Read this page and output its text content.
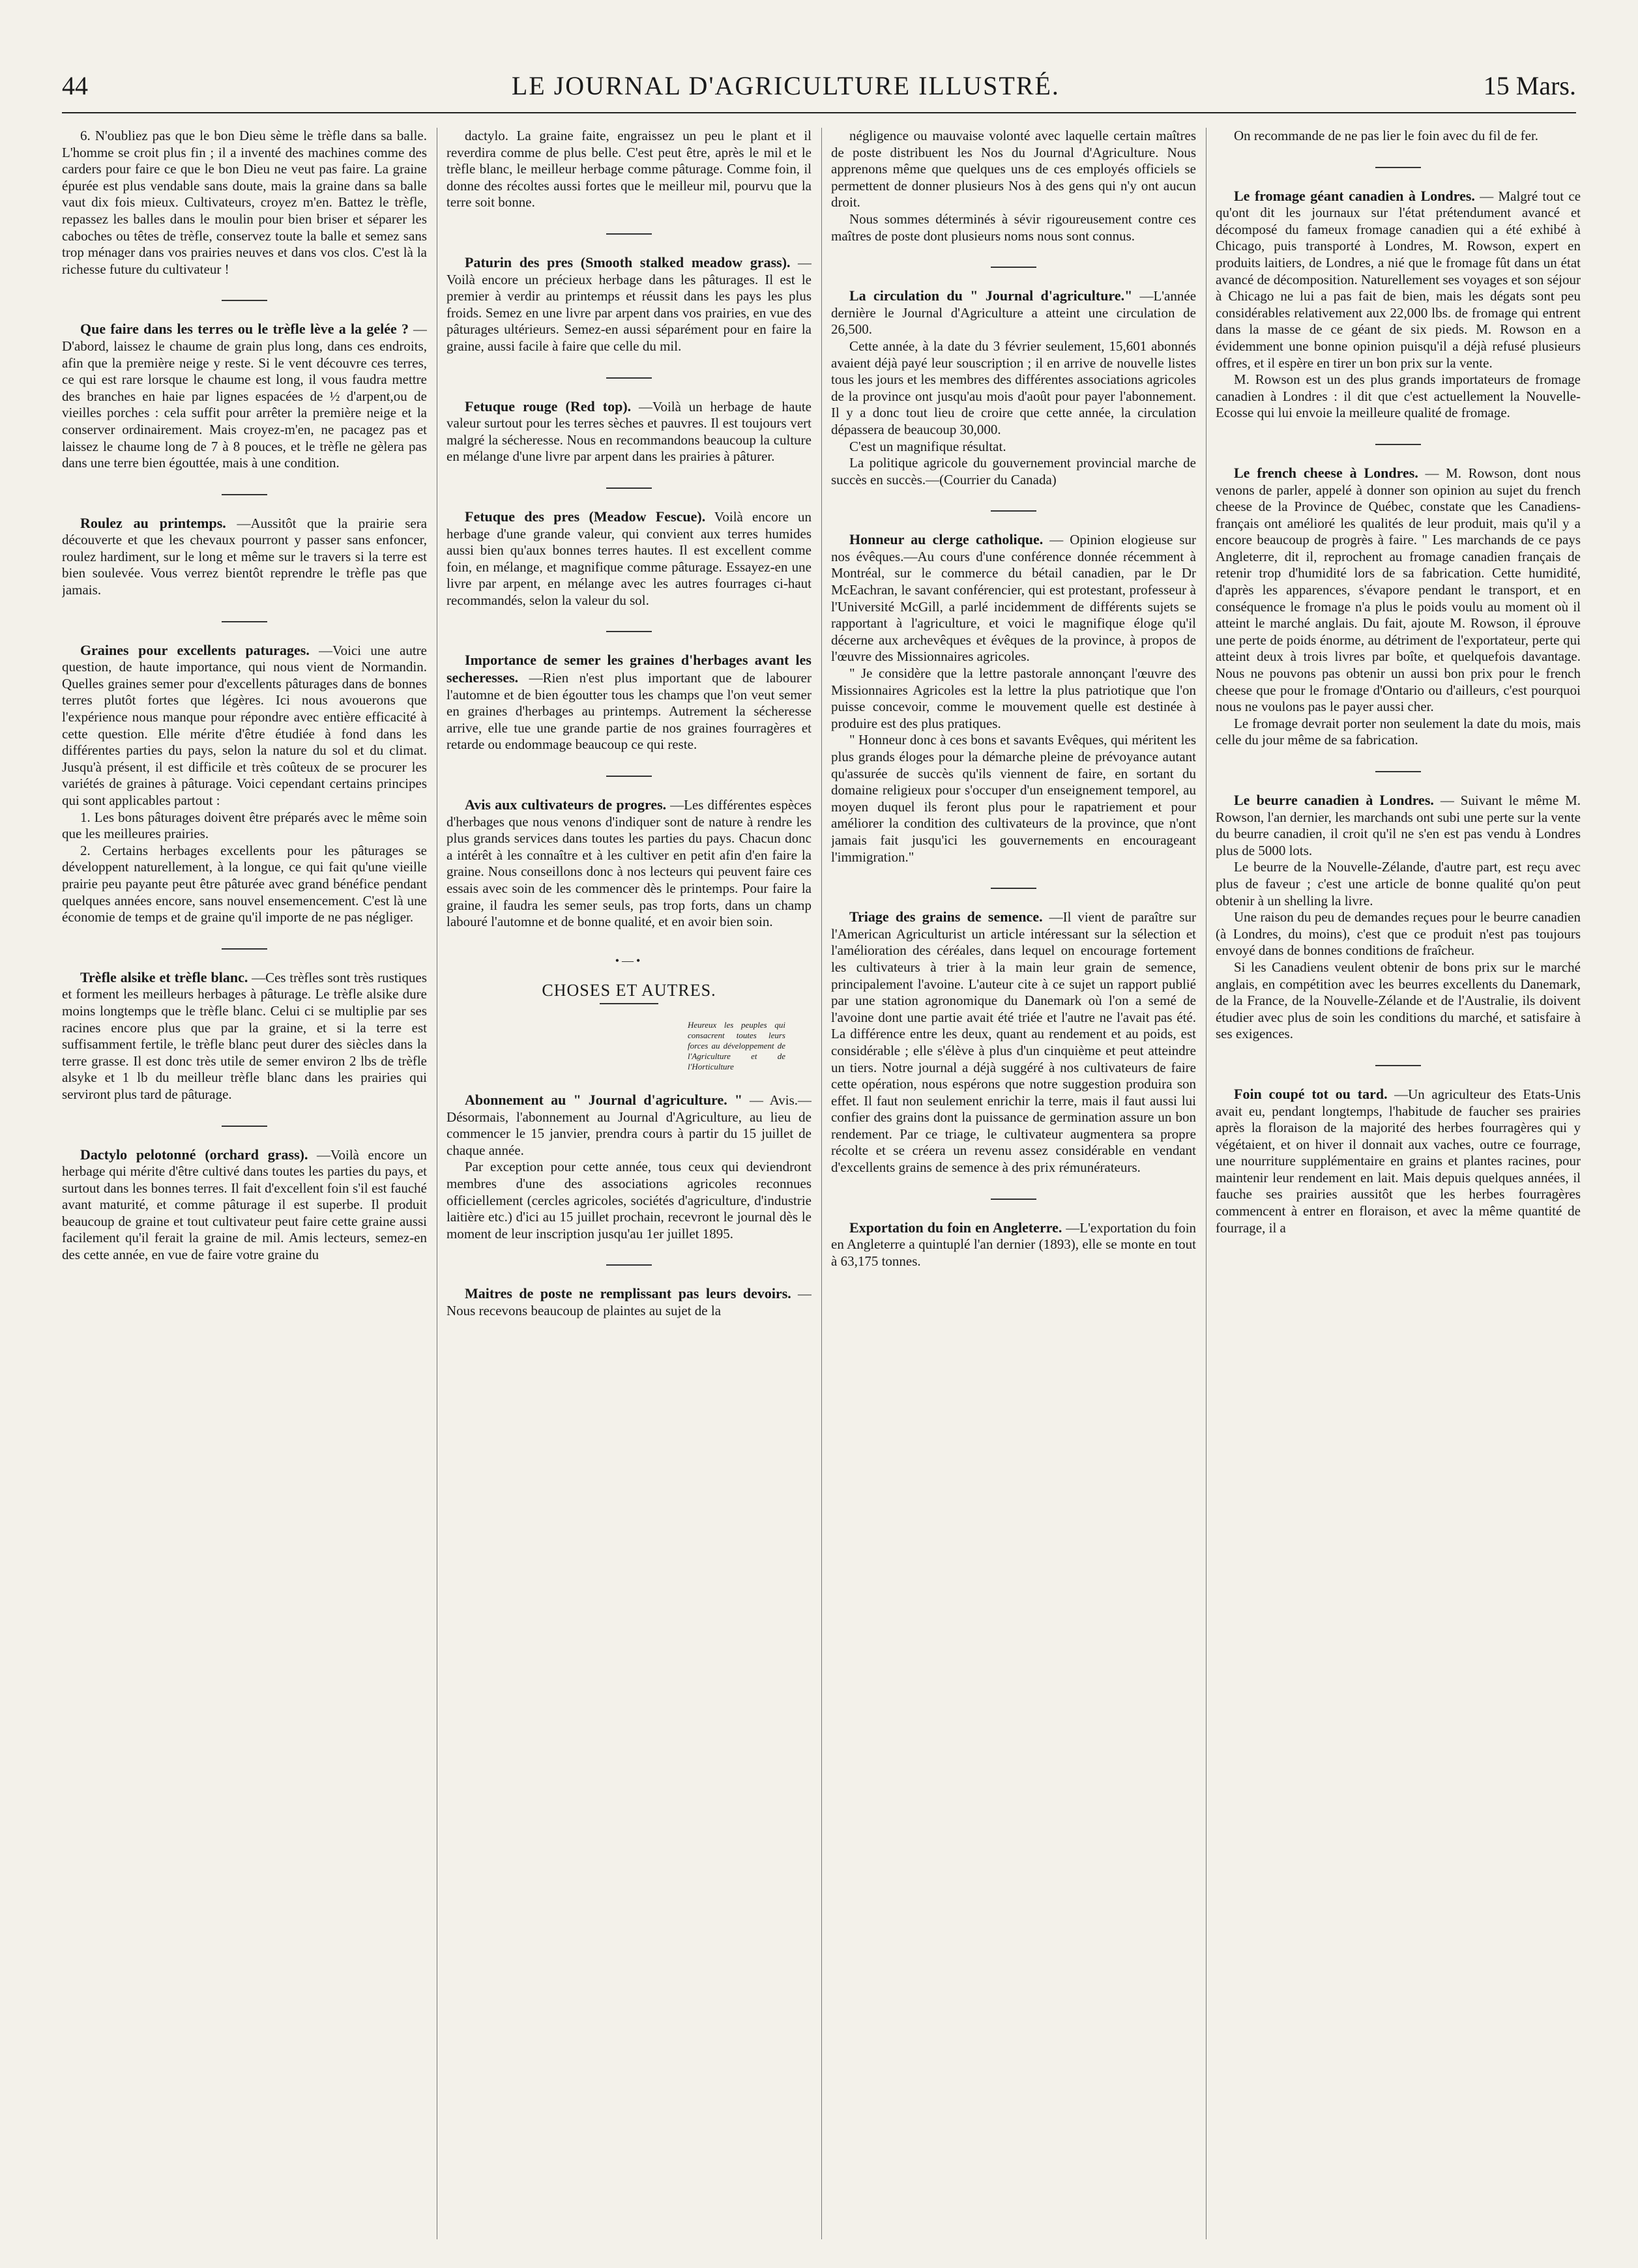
44	LE JOURNAL D'AGRICULTURE ILLUSTRÉ.	15 Mars.

6. N'oubliez pas que le bon Dieu sème le trèfle dans sa balle. L'homme se croit plus fin ; il a inventé des machines comme des carders pour faire ce que le bon Dieu ne veut pas faire. La graine épurée est plus vendable sans doute, mais la graine dans sa balle vaut dix fois mieux. Cultivateurs, croyez m'en. Battez le trèfle, repassez les balles dans le moulin pour bien briser et séparer les caboches ou têtes de trèfle, conservez toute la balle et semez sans trop ménager dans vos prairies neuves et dans vos clos. C'est là la richesse future du cultivateur !

Que faire dans les terres ou le trèfle lève a la gelée ? —D'abord, laissez le chaume de grain plus long, dans ces endroits, afin que la première neige y reste. Si le vent découvre ces terres, ce qui est rare lorsque le chaume est long, il vous faudra mettre des branches en haie par lignes espacées de ½ d'arpent,ou de vieilles porches : cela suffit pour arrêter la première neige et la conserver ordinairement. Mais croyez-m'en, ne pacagez pas et laissez le chaume long de 7 à 8 pouces, et le trèfle ne gèlera pas dans une terre bien égouttée, mais à une condition.

Roulez au printemps. —Aussitôt que la prairie sera découverte et que les chevaux pourront y passer sans enfoncer, roulez hardiment, sur le long et même sur le travers si la terre est bien soulevée. Vous verrez bientôt reprendre le trèfle pas que jamais.

Graines pour excellents paturages. —Voici une autre question, de haute importance, qui nous vient de Normandin. Quelles graines semer pour d'excellents pâturages dans de bonnes terres plutôt fortes que légères. Ici nous avouerons que l'expérience nous manque pour répondre avec entière efficacité à cette question. Elle mérite d'être étudiée à fond dans les différentes parties du pays, selon la nature du sol et du climat. Jusqu'à présent, il est difficile et très coûteux de se procurer les variétés de graines à pâturage. Voici cependant certains principes qui sont applicables partout :

1. Les bons pâturages doivent être préparés avec le même soin que les meilleures prairies.

2. Certains herbages excellents pour les pâturages se développent naturellement, à la longue, ce qui fait qu'une vieille prairie peu payante peut être pâturée avec grand bénéfice pendant quelques années encore, sans nouvel ensemencement. C'est là une économie de temps et de graine qu'il importe de ne pas négliger.

Trèfle alsike et trèfle blanc. —Ces trèfles sont très rustiques et forment les meilleurs herbages à pâturage. Le trèfle alsike dure moins longtemps que le trèfle blanc. Celui ci se multiplie par ses racines encore plus que par la graine, et si la terre est suffisamment fertile, le trèfle blanc peut durer des siècles dans la terre grasse. Il est donc très utile de semer environ 2 lbs de trèfle alsyke et 1 lb du meilleur trèfle blanc dans les prairies qui serviront plus tard de pâturage.

Dactylo pelotonné (orchard grass). —Voilà encore un herbage qui mérite d'être cultivé dans toutes les parties du pays, et surtout dans les bonnes terres. Il fait d'excellent foin s'il est fauché avant maturité, et comme pâturage il est superbe. Il produit beaucoup de graine et tout cultivateur peut faire cette graine aussi facilement qu'il ferait la graine de mil. Amis lecteurs, semez-en des cette année, en vue de faire votre graine du

dactylo. La graine faite, engraissez un peu le plant et il reverdira comme de plus belle. C'est peut être, après le mil et le trèfle blanc, le meilleur herbage comme pâturage. Comme foin, il donne des récoltes aussi fortes que le meilleur mil, pourvu que la terre soit bonne.

Paturin des pres (Smooth stalked meadow grass). —Voilà encore un précieux herbage dans les pâturages. Il est le premier à verdir au printemps et réussit dans les pays les plus froids. Semez en une livre par arpent dans vos prairies, en vue des pâturages ultérieurs. Semez-en aussi séparément pour en faire la graine, aussi facile à faire que celle du mil.

Fetuque rouge (Red top). —Voilà un herbage de haute valeur surtout pour les terres sèches et pauvres. Il est toujours vert malgré la sécheresse. Nous en recommandons beaucoup la culture en mélange d'une livre par arpent dans les prairies à pâturer.

Fetuque des pres (Meadow Fescue). Voilà encore un herbage d'une grande valeur, qui convient aux terres humides aussi bien qu'aux bonnes terres hautes. Il est excellent comme foin, en mélange, et magnifique comme pâturage. Essayez-en une livre par arpent, en mélange avec les autres fourrages ci-haut recommandés, selon la valeur du sol.

Importance de semer les graines d'herbages avant les secheresses. —Rien n'est plus important que de labourer l'automne et de bien égoutter tous les champs que l'on veut semer en graines d'herbages au printemps. Autrement la sécheresse arrive, elle tue une grande partie de nos graines fourragères et retarde ou endommage beaucoup ce qui reste.

Avis aux cultivateurs de progres. —Les différentes espèces d'herbages que nous venons d'indiquer sont de nature à rendre les plus grands services dans toutes les parties du pays. Chacun donc a intérêt à les connaître et à les cultiver en petit afin d'en faire la graine. Nous conseillons donc à nos lecteurs qui peuvent faire ces essais avec soin de les commencer dès le printemps. Pour faire la graine, il faudra les semer seuls, pas trop forts, dans un champ labouré l'automne et de bonne qualité, et en avoir bien soin.

•—•
CHOSES ET AUTRES.
Heureux les peuples qui consacrent toutes leurs forces au développement de l'Agriculture et de l'Horticulture

Abonnement au " Journal d'agriculture. " — Avis.— Désormais, l'abonnement au Journal d'Agriculture, au lieu de commencer le 15 janvier, prendra cours à partir du 15 juillet de chaque année.

Par exception pour cette année, tous ceux qui deviendront membres d'une des associations agricoles reconnues officiellement (cercles agricoles, sociétés d'agriculture, d'industrie laitière etc.) d'ici au 15 juillet prochain, recevront le journal dès le moment de leur inscription jusqu'au 1er juillet 1895.

Maitres de poste ne remplissant pas leurs devoirs. — Nous recevons beaucoup de plaintes au sujet de la

négligence ou mauvaise volonté avec laquelle certain maîtres de poste distribuent les Nos du Journal d'Agriculture. Nous apprenons même que quelques uns de ces employés officiels se permettent de donner plusieurs Nos à des gens qui n'y ont aucun droit.

Nous sommes déterminés à sévir rigoureusement contre ces maîtres de poste dont plusieurs noms nous sont connus.

La circulation du " Journal d'agriculture." —L'année dernière le Journal d'Agriculture a atteint une circulation de 26,500.

Cette année, à la date du 3 février seulement, 15,601 abonnés avaient déjà payé leur souscription ; il en arrive de nouvelle listes tous les jours et les membres des différentes associations agricoles de la province ont jusqu'au mois d'août pour payer l'abonnement. Il y a donc tout lieu de croire que cette année, la circulation dépassera de beaucoup 30,000.

C'est un magnifique résultat.

La politique agricole du gouvernement provincial marche de succès en succès.—(Courrier du Canada)

Honneur au clerge catholique. — Opinion elogieuse sur nos évêques.—Au cours d'une conférence donnée récemment à Montréal, sur le commerce du bétail canadien, par le Dr McEachran, le savant conférencier, qui est protestant, professeur à l'Université McGill, a parlé incidemment de différents sujets se rapportant à l'agriculture, et voici le magnifique éloge qu'il décerne aux archevêques et évêques de la province, à propos de l'œuvre des Missionnaires agricoles.

" Je considère que la lettre pastorale annonçant l'œuvre des Missionnaires Agricoles est la lettre la plus patriotique que l'on puisse concevoir, comme le mouvement quelle est destinée à produire est des plus pratiques.

" Honneur donc à ces bons et savants Evêques, qui méritent les plus grands éloges pour la démarche pleine de prévoyance autant qu'assurée de succès qu'ils viennent de faire, en sortant du domaine religieux pour s'occuper d'un enseignement temporel, au moyen duquel ils feront plus pour le rapatriement et pour améliorer la condition des cultivateurs de la province, que n'ont jamais fait jusqu'ici les gouvernements en encourageant l'immigration."

Triage des grains de semence. —Il vient de paraître sur l'American Agriculturist un article intéressant sur la sélection et l'amélioration des céréales, dans lequel on encourage fortement les cultivateurs à trier à la main leur grain de semence, principalement l'avoine. L'auteur cite à ce sujet un rapport publié par une station agronomique du Danemark où l'on a semé de l'avoine dont une partie avait été triée et l'autre ne l'avait pas été. La différence entre les deux, quant au rendement et au poids, est considérable ; elle s'élève à plus d'un cinquième et peut atteindre un tiers. Notre journal a déjà suggéré à nos cultivateurs de faire cette opération, nous espérons que notre suggestion produira son effet. Il faut non seulement enrichir la terre, mais il faut aussi lui confier des grains dont la puissance de germination assure un bon rendement. Par ce triage, le cultivateur augmentera sa propre récolte et se créera un revenu assez considérable en vendant d'excellents grains de semence à des prix rémunérateurs.

Exportation du foin en Angleterre. —L'exportation du foin en Angleterre a quintuplé l'an dernier (1893), elle se monte en tout à 63,175 tonnes.

On recommande de ne pas lier le foin avec du fil de fer.

Le fromage géant canadien à Londres. — Malgré tout ce qu'ont dit les journaux sur l'état prétendument avancé et décomposé du fameux fromage canadien qui a été exhibé à Chicago, puis transporté à Londres, M. Rowson, expert en produits laitiers, de Londres, a nié que le fromage fût dans un état avancé de décomposition. Naturellement ses voyages et son séjour à Chicago ne lui a pas fait de bien, mais les dégats sont peu considérables relativement aux 22,000 lbs. de fromage qui entrent dans la masse de ce géant de six pieds. M. Rowson en a évidemment une bonne opinion puisqu'il a déjà refusé plusieurs offres, et il espère en tirer un bon prix sur la vente.

M. Rowson est un des plus grands importateurs de fromage canadien à Londres : il dit que c'est actuellement la Nouvelle-Ecosse qui lui envoie la meilleure qualité de fromage.

Le french cheese à Londres. — M. Rowson, dont nous venons de parler, appelé à donner son opinion au sujet du french cheese de la Province de Québec, constate que les Canadiens-français ont amélioré les qualités de leur produit, mais qu'il y a encore beaucoup de progrès à faire. " Les marchands de ce pays Angleterre, dit il, reprochent au fromage canadien français de retenir trop d'humidité lors de sa fabrication. Cette humidité, d'après les apparences, s'évapore pendant le transport, et en conséquence le fromage n'a plus le poids voulu au moment où il atteint le marché anglais. Du fait, ajoute M. Rowson, il éprouve une perte de poids énorme, au détriment de l'exportateur, perte qui atteint deux à trois livres par boîte, et quelquefois davantage. Nous ne pouvons pas obtenir un aussi bon prix pour le french cheese que pour le fromage d'Ontario ou d'ailleurs, c'est pourquoi nous ne voulons pas le payer aussi cher.

Le fromage devrait porter non seulement la date du mois, mais celle du jour même de sa fabrication.

Le beurre canadien à Londres. — Suivant le même M. Rowson, l'an dernier, les marchands ont subi une perte sur la vente du beurre canadien, il croit qu'il ne s'en est pas vendu à Londres plus de 5000 lots.

Le beurre de la Nouvelle-Zélande, d'autre part, est reçu avec plus de faveur ; c'est une article de bonne qualité qu'on peut obtenir à un shelling la livre.

Une raison du peu de demandes reçues pour le beurre canadien (à Londres, du moins), c'est que ce produit n'est pas toujours envoyé dans de bonnes conditions de fraîcheur.

Si les Canadiens veulent obtenir de bons prix sur le marché anglais, en compétition avec les beurres excellents du Danemark, de la France, de la Nouvelle-Zélande et de l'Australie, ils doivent étudier avec plus de soin les conditions du marché, et satisfaire à ses exigences.

Foin coupé tot ou tard. —Un agriculteur des Etats-Unis avait eu, pendant longtemps, l'habitude de faucher ses prairies après la floraison de la majorité des herbes fourragères qui y végétaient, et on hiver il donnait aux vaches, outre ce fourrage, une nourriture supplémentaire en grains et plantes racines, pour maintenir leur rendement en lait. Mais depuis quelques années, il fauche ses prairies aussitôt que les herbes fourragères commencent à entrer en floraison, et avec la même quantité de fourrage, il a
